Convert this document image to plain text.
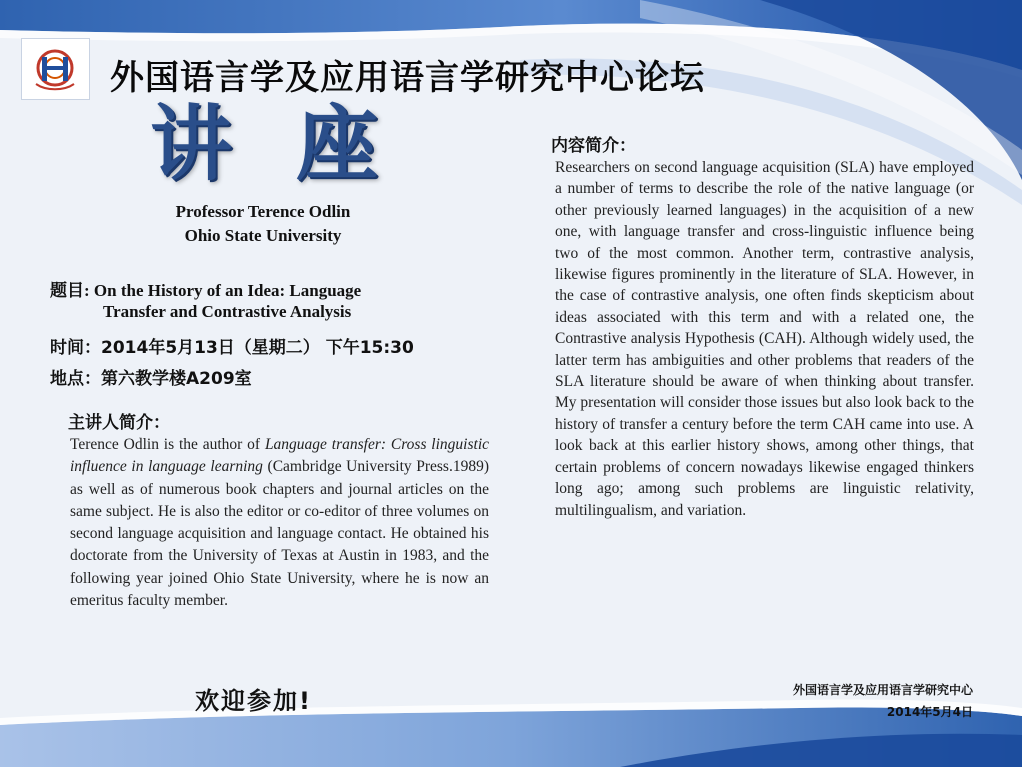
外国语言学及应用语言学研究中心论坛
讲 座
Professor Terence Odlin
Ohio State University
题目: On the History of an Idea: Language
Transfer and Contrastive Analysis
时间：2014年5月13日（星期二） 下午15:30
地点：第六教学楼A209室
主讲人简介：

Terence Odlin is the author of Language transfer: Cross linguistic influence in language learning (Cambridge University Press.1989) as well as of numerous book chapters and journal articles on the same subject. He is also the editor or co-editor of three volumes on second language acquisition and language contact. He obtained his doctorate from the University of Texas at Austin in 1983, and the following year joined Ohio State University, where he is now an emeritus faculty member.

内容简介：

Researchers on second language acquisition (SLA) have employed a number of terms to describe the role of the native language (or other previously learned languages) in the acquisition of a new one, with language transfer and cross-linguistic influence being two of the most common. Another term, contrastive analysis, likewise figures prominently in the literature of SLA. However, in the case of contrastive analysis, one often finds skepticism about ideas associated with this term and with a related one, the Contrastive analysis Hypothesis (CAH). Although widely used, the latter term has ambiguities and other problems that readers of the SLA literature should be aware of when thinking about transfer. My presentation will consider those issues but also look back to the history of transfer a century before the term CAH came into use. A look back at this earlier history shows, among other things, that certain problems of concern nowadays likewise engaged thinkers long ago; among such problems are linguistic relativity, multilingualism, and variation.

欢迎参加!	外国语言学及应用语言学研究中心
2014年5月4日
